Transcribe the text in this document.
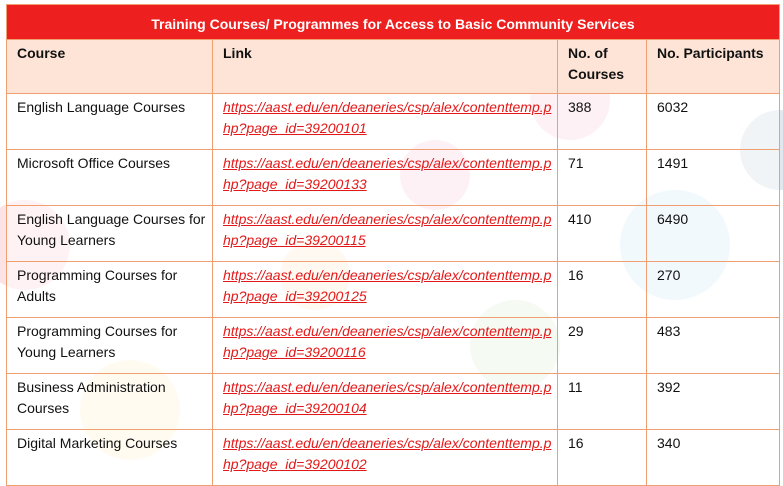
Training Courses/ Programmes for Access to Basic Community Services			
Course	Link	No. of Courses	No. Participants
English Language Courses	https://aast.edu/en/deaneries/csp/alex/contenttemp.php?page_id=39200101	388	6032
Microsoft Office Courses	https://aast.edu/en/deaneries/csp/alex/contenttemp.php?page_id=39200133	71	1491
English Language Courses for Young Learners	https://aast.edu/en/deaneries/csp/alex/contenttemp.php?page_id=39200115	410	6490
Programming Courses for Adults	https://aast.edu/en/deaneries/csp/alex/contenttemp.php?page_id=39200125	16	270
Programming Courses for Young Learners	https://aast.edu/en/deaneries/csp/alex/contenttemp.php?page_id=39200116	29	483
Business Administration Courses	https://aast.edu/en/deaneries/csp/alex/contenttemp.php?page_id=39200104	11	392
Digital Marketing Courses	https://aast.edu/en/deaneries/csp/alex/contenttemp.php?page_id=39200102	16	340
